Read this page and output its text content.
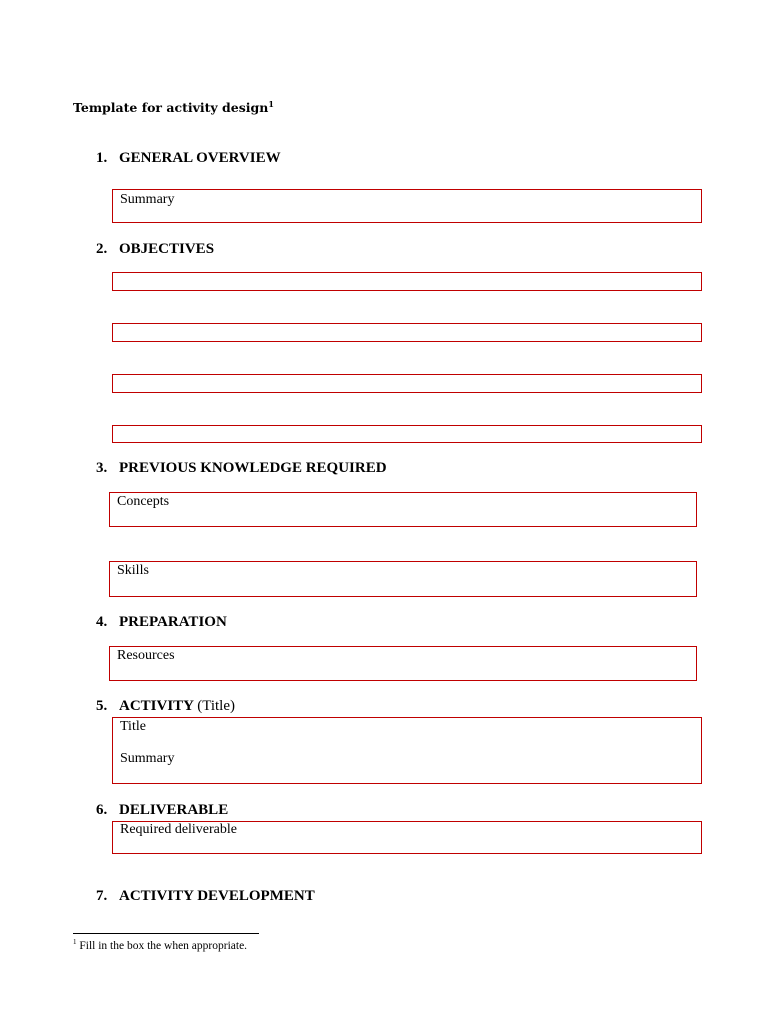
Template for activity design$^1$
1. GENERAL OVERVIEW
Summary
2. OBJECTIVES
3. PREVIOUS KNOWLEDGE REQUIRED
Concepts
Skills
4. PREPARATION
Resources
5. ACTIVITY (Title)
Title
Summary
6. DELIVERABLE
Required deliverable
7. ACTIVITY DEVELOPMENT
$^1$ Fill in the box the when appropriate.
